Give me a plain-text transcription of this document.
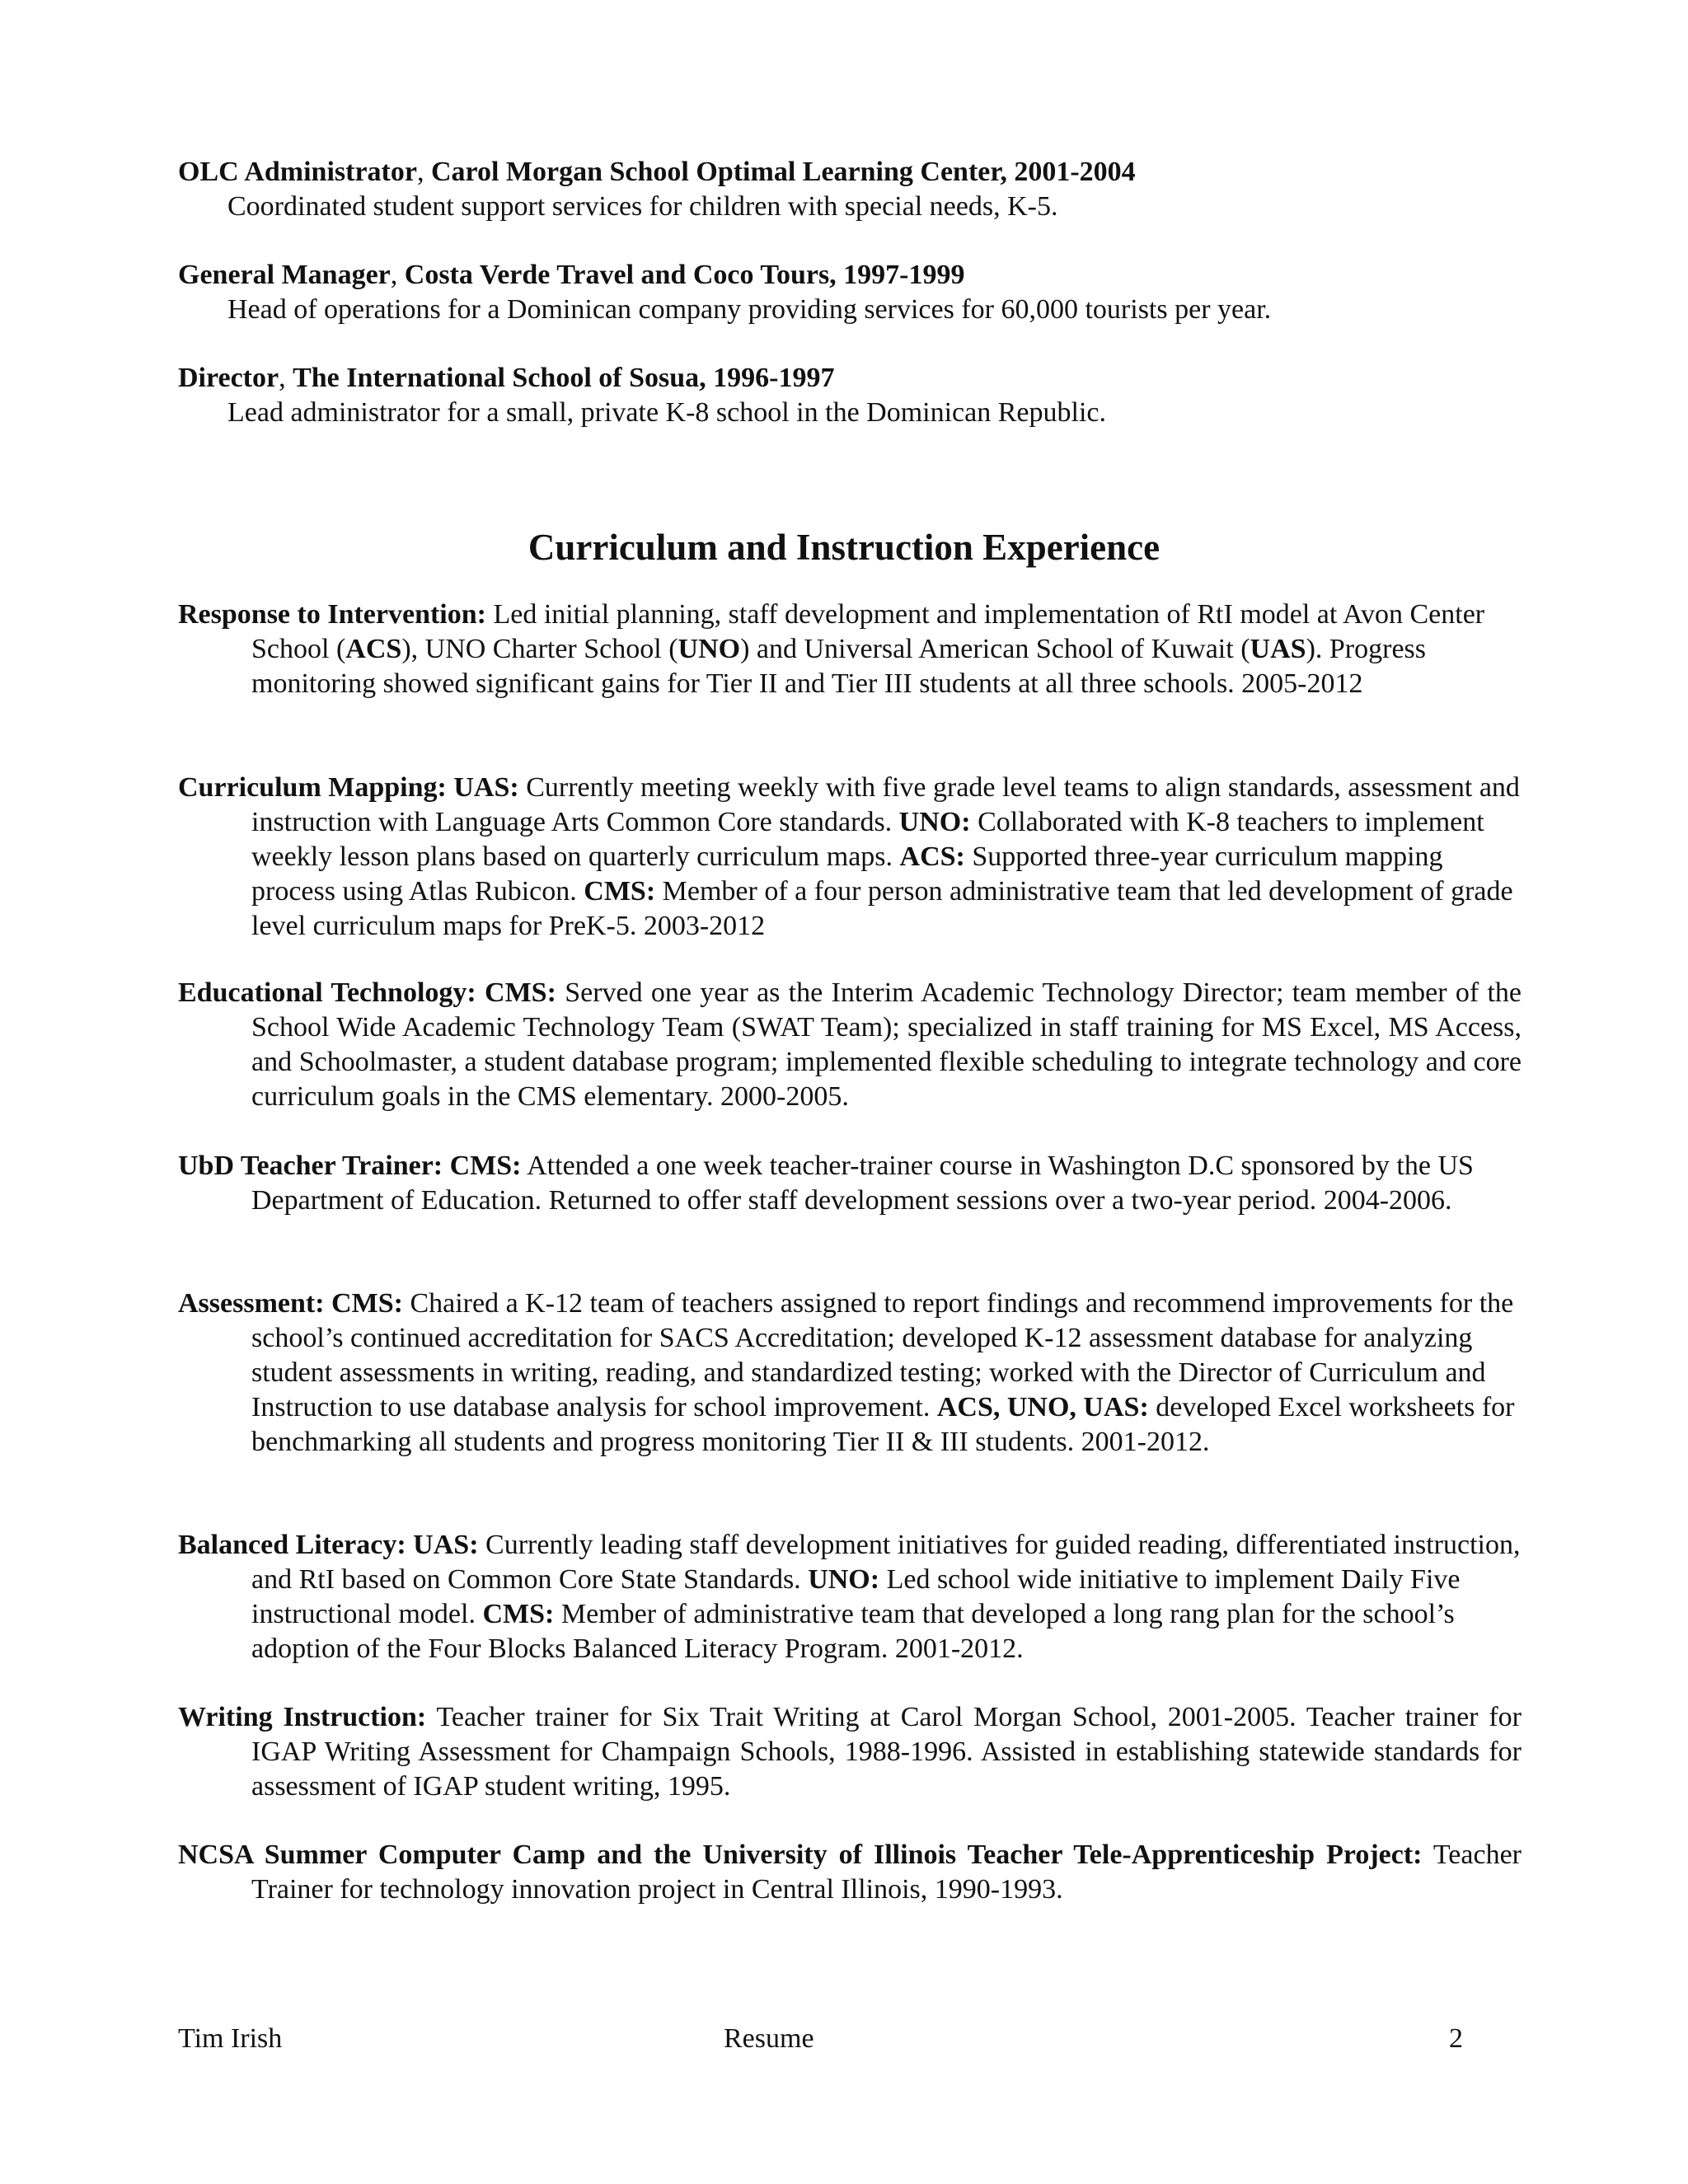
OLC Administrator, Carol Morgan School Optimal Learning Center, 2001-2004
Coordinated student support services for children with special needs, K-5.
General Manager, Costa Verde Travel and Coco Tours, 1997-1999
Head of operations for a Dominican company providing services for 60,000 tourists per year.
Director, The International School of Sosua, 1996-1997
Lead administrator for a small, private K-8 school in the Dominican Republic.
Curriculum and Instruction Experience
Response to Intervention: Led initial planning, staff development and implementation of RtI model at Avon Center School (ACS), UNO Charter School (UNO) and Universal American School of Kuwait (UAS). Progress monitoring showed significant gains for Tier II and Tier III students at all three schools. 2005-2012
Curriculum Mapping: UAS: Currently meeting weekly with five grade level teams to align standards, assessment and instruction with Language Arts Common Core standards. UNO: Collaborated with K-8 teachers to implement weekly lesson plans based on quarterly curriculum maps. ACS: Supported three-year curriculum mapping process using Atlas Rubicon. CMS: Member of a four person administrative team that led development of grade level curriculum maps for PreK-5. 2003-2012
Educational Technology: CMS: Served one year as the Interim Academic Technology Director; team member of the School Wide Academic Technology Team (SWAT Team); specialized in staff training for MS Excel, MS Access, and Schoolmaster, a student database program; implemented flexible scheduling to integrate technology and core curriculum goals in the CMS elementary. 2000-2005.
UbD Teacher Trainer: CMS: Attended a one week teacher-trainer course in Washington D.C sponsored by the US Department of Education. Returned to offer staff development sessions over a two-year period. 2004-2006.
Assessment: CMS: Chaired a K-12 team of teachers assigned to report findings and recommend improvements for the school’s continued accreditation for SACS Accreditation; developed K-12 assessment database for analyzing student assessments in writing, reading, and standardized testing; worked with the Director of Curriculum and Instruction to use database analysis for school improvement. ACS, UNO, UAS: developed Excel worksheets for benchmarking all students and progress monitoring Tier II & III students. 2001-2012.
Balanced Literacy: UAS: Currently leading staff development initiatives for guided reading, differentiated instruction, and RtI based on Common Core State Standards. UNO: Led school wide initiative to implement Daily Five instructional model. CMS: Member of administrative team that developed a long rang plan for the school’s adoption of the Four Blocks Balanced Literacy Program. 2001-2012.
Writing Instruction: Teacher trainer for Six Trait Writing at Carol Morgan School, 2001-2005. Teacher trainer for IGAP Writing Assessment for Champaign Schools, 1988-1996. Assisted in establishing statewide standards for assessment of IGAP student writing, 1995.
NCSA Summer Computer Camp and the University of Illinois Teacher Tele-Apprenticeship Project: Teacher Trainer for technology innovation project in Central Illinois, 1990-1993.
Tim Irish	Resume	2
